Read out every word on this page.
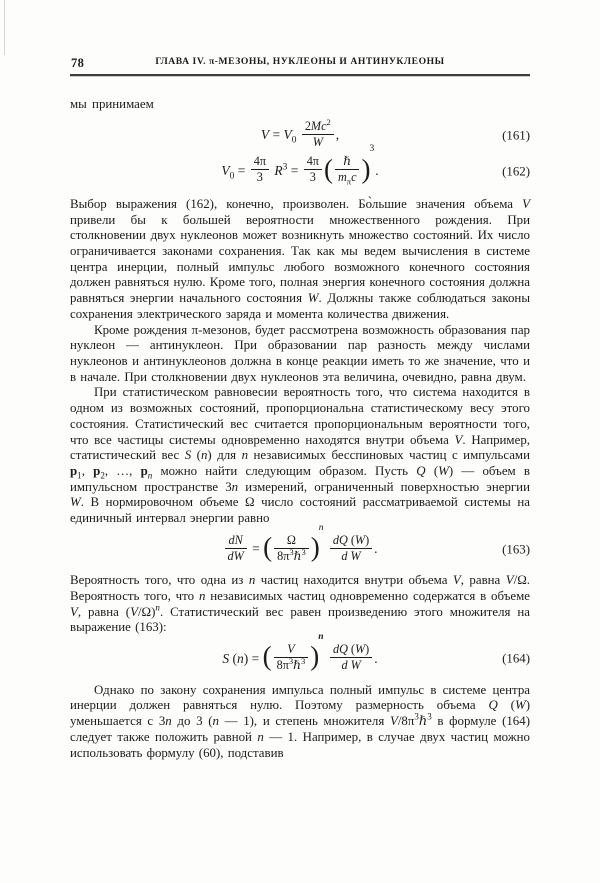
78	ГЛАВА IV. π-МЕЗОНЫ, НУКЛЕОНЫ И АНТИНУКЛЕОНЫ

мы принимаем

$V = V_0 \frac{2Mc^2}{W}$ ,	(161)
$V_0 = \frac{4\pi}{3} R^3 = \frac{4\pi}{3}$ ( $\frac{\text{ℏ}}{m_\pi c} )^3$.	(162)

Выбор выражения (162), конечно, произволен. Бо̀льшие значения объема V привели бы к большей вероятности множественного рождения. При столкновении двух нуклеонов может возникнуть множество состояний. Их число ограничивается законами сохранения. Так как мы ведем вычисления в системе центра инерции, полный импульс любого возможного конечного состояния должен равняться нулю. Кроме того, полная энергия конечного состояния должна равняться энергии начального состояния W. Должны также соблюдаться законы сохранения электрического заряда и момента количества движения.

Кроме рождения π-мезонов, будет рассмотрена возможность образования пар нуклеон — антинуклеон. При образовании пар разность между числами нуклеонов и антинуклеонов должна в конце реакции иметь то же значение, что и в начале. При столкновении двух нуклеонов эта величина, очевидно, равна двум.

При статистическом равновесии вероятность того, что система находится в одном из возможных состояний, пропорциональна статистическому весу этого состояния. Статистический вес считается пропорциональным вероятности того, что все частицы системы одновременно находятся внутри объема V. Например, статистический вес S (n) для n независимых бесспиновых частиц с импульсами $p_1$, $p_2$, …, $p_n$ можно найти следующим образом. Пусть Q (W) — объем в импульсном пространстве 3n измерений, ограниченный поверхностью энергии W. В нормировочном объеме Ω число состояний рассматриваемой системы на единичный интервал энергии равно

$\frac{dN}{dW}$ = ( $\frac{\Omega}{8\pi^3\hbar^3} )^n$
$\frac{dQ (W)}{\text{d W}}$ .	(163)

Вероятность того, что одна из n частиц находится внутри объема V, равна V/Ω. Вероятность того, что n независимых частиц одновременно содержатся в объеме V, равна $(V/\Omega)^n$. Статистический вес равен произведению этого множителя на выражение (163):

S (n) = ( $\frac{V}{8\pi^3\hbar^3} )^n$
$\frac{dQ (W)}{\text{d W}}$ .	(164)

Однако по закону сохранения импульса полный импульс в системе центра инерции должен равняться нулю. Поэтому размерность объема Q (W) уменьшается с 3n до 3 (n — 1), и степень множителя $V/8\pi^3\hbar^3$ в формуле (164) следует также положить равной n — 1. Например, в случае двух частиц можно использовать формулу (60), подставив
